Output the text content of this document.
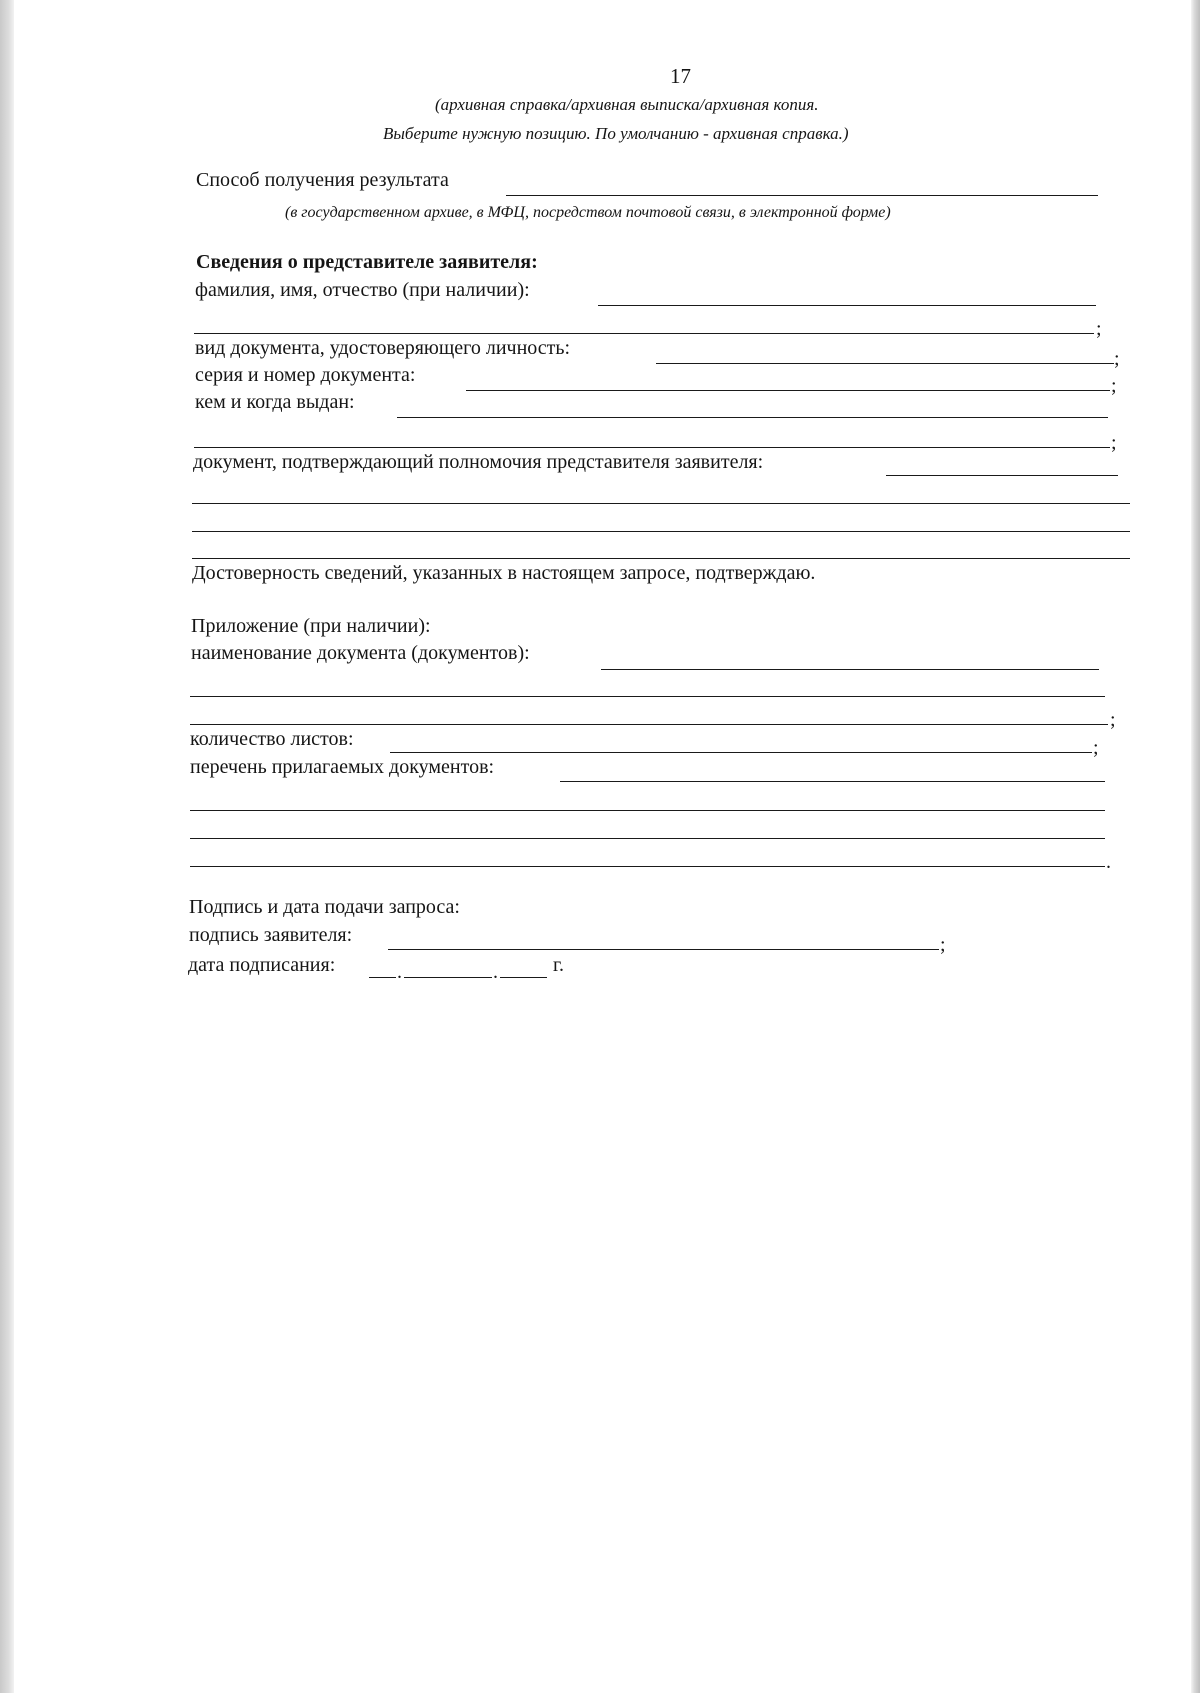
17
(архивная справка/архивная выписка/архивная копия.
Выберите нужную позицию. По умолчанию - архивная справка.)
Способ получения результата
(в государственном архиве, в МФЦ, посредством почтовой связи, в электронной форме)
Сведения о представителе заявителя:
фамилия, имя, отчество (при наличии):
;
вид документа, удостоверяющего личность:	;
серия и номер документа:	;
кем и когда выдан:
;
документ, подтверждающий полномочия представителя заявителя:
Достоверность сведений, указанных в настоящем запросе, подтверждаю.
Приложение (при наличии):
наименование документа (документов):
;
количество листов:	;
перечень прилагаемых документов:
.
Подпись и дата подачи запроса:
подпись заявителя:	;
дата подписания:	.	.	г.
